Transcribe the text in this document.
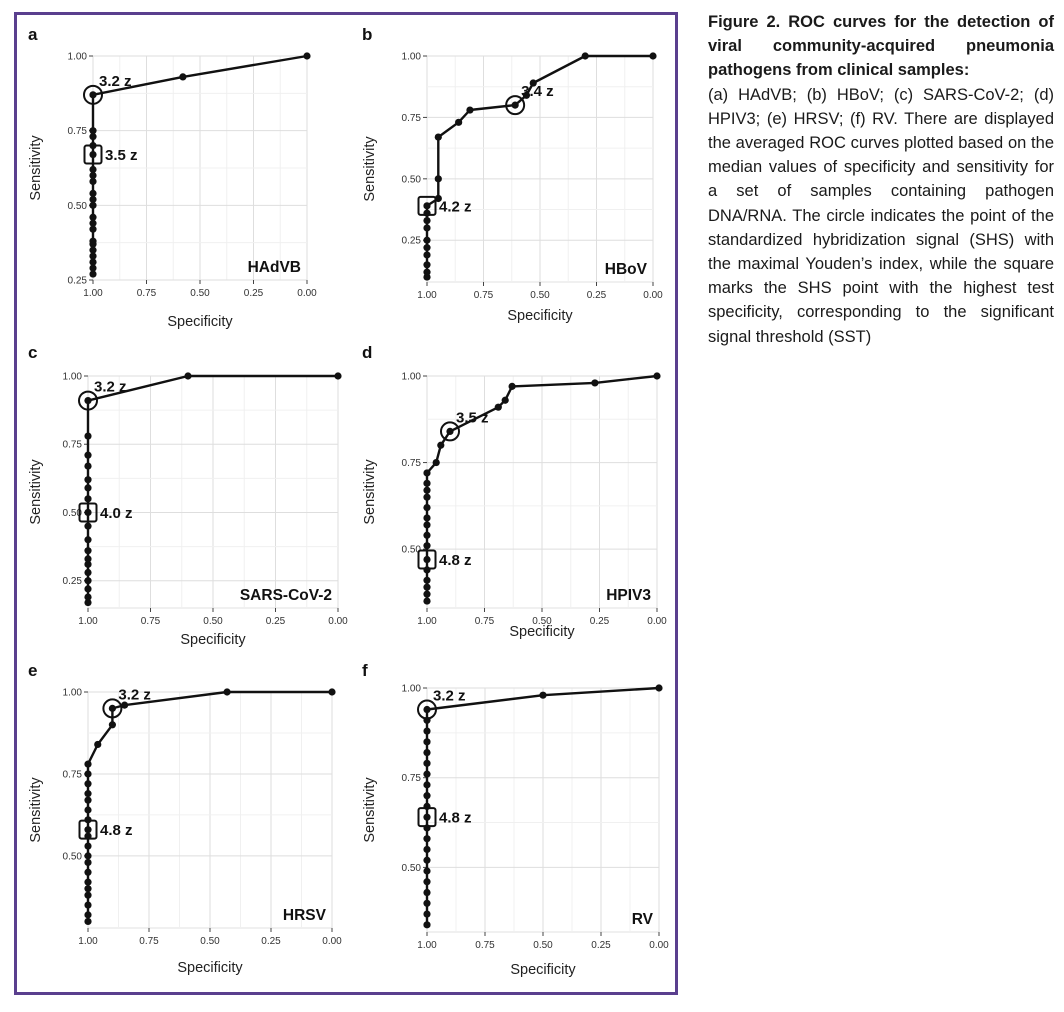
Figure 2. ROC curves for the detection of viral community-acquired pneumonia pathogens from clinical samples:
(a) HAdVB; (b) HBoV; (c) SARS-CoV-2; (d) HPIV3; (e) HRSV; (f) RV. There are displayed the averaged ROC curves plotted based on the median values of specificity and sensitivity for a set of samples containing pathogen DNA/RNA. The circle indicates the point of the standardized hybridization signal (SHS) with the maximal Youden’s index, while the square marks the SHS point with the highest test specificity, corresponding to the significant signal threshold (SST)
a
1.00	0.75	0.50	0.25	0.00
0.25
0.50
0.75
1.00
Specificity
Sensitivity
3.2 z
3.5 z
HAdVB
b
1.00	0.75	0.50	0.25	0.00
0.25
0.50
0.75
1.00
Specificity
Sensitivity
3.4 z
4.2 z
HBoV
c
1.00	0.75	0.50	0.25	0.00
0.25
0.50
0.75
1.00
Specificity
Sensitivity
3.2 z
4.0 z
SARS-CoV-2
d
1.00	0.75	0.50	0.25	0.00
0.50
0.75
1.00
Specificity
Sensitivity
3.5 z
4.8 z
HPIV3
e
1.00	0.75	0.50	0.25	0.00
0.50
0.75
1.00
Specificity
Sensitivity
3.2 z
4.8 z
HRSV
f
1.00	0.75	0.50	0.25	0.00
0.50
0.75
1.00
Specificity
Sensitivity
3.2 z
4.8 z
RV
